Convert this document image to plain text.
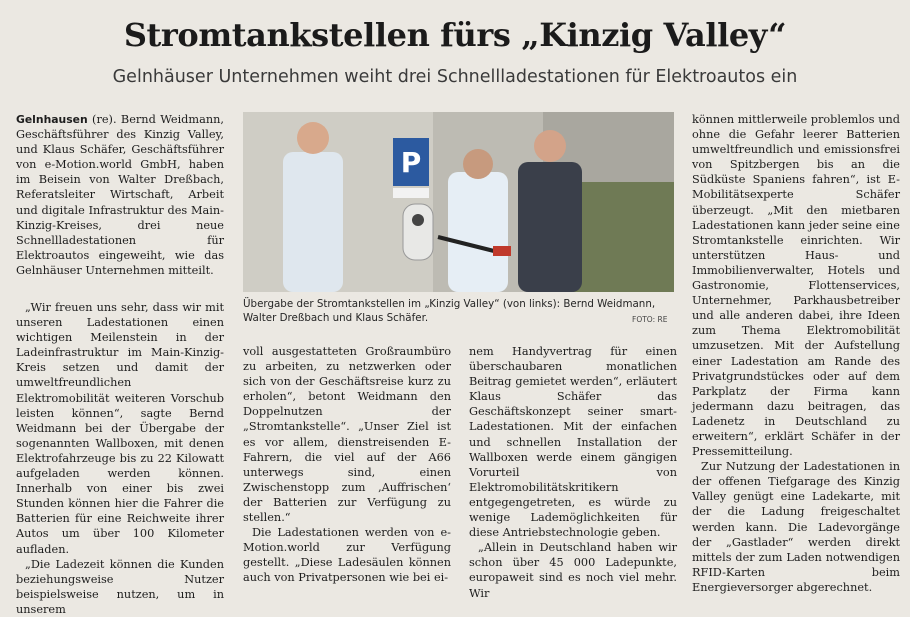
Stromtankstellen fürs „Kinzig Valley“
Gelnhäuser Unternehmen weiht drei Schnellladestationen für Elektroautos ein

Gelnhausen (re). Bernd Weidmann, Geschäftsführer des Kinzig Valley, und Klaus Schäfer, Geschäftsführer von e-Motion.world GmbH, haben im Beisein von Walter Dreßbach, Referatsleiter Wirtschaft, Arbeit und digitale Infrastruktur des Main-Kinzig-Kreises, drei neue Schnellladestationen für Elektroautos eingeweiht, wie das Gelnhäuser Unternehmen mitteilt.

„Wir freuen uns sehr, dass wir mit unseren Ladestationen einen wichtigen Meilenstein in der Ladeinfrastruktur im Main-Kinzig-Kreis setzen und damit der umweltfreundlichen Elektromobilität weiteren Vorschub leisten können“, sagte Bernd Weidmann bei der Übergabe der sogenannten Wallboxen, mit denen Elektrofahrzeuge bis zu 22 Kilowatt aufgeladen werden können. Innerhalb von einer bis zwei Stunden können hier die Fahrer die Batterien für eine Reichweite ihrer Autos um über 100 Kilometer aufladen.

„Die Ladezeit können die Kunden beziehungsweise Nutzer beispielsweise nutzen, um in unserem

P
Übergabe der Stromtankstellen im „Kinzig Valley“ (von links): Bernd Weidmann, Walter Dreßbach und Klaus Schäfer.	FOTO: RE

voll ausgestatteten Großraumbüro zu arbeiten, zu netzwerken oder sich von der Geschäftsreise kurz zu erholen“, betont Weidmann den Doppelnutzen der „Stromtankstelle“. „Unser Ziel ist es vor allem, dienstreisenden E-Fahrern, die viel auf der A66 unterwegs sind, einen Zwischenstopp zum ‚Auffrischen‘ der Batterien zur Verfügung zu stellen.“

Die Ladestationen werden von e-Motion.world zur Verfügung gestellt. „Diese Ladesäulen können auch von Privatpersonen wie bei ei-

nem Handyvertrag für einen überschaubaren monatlichen Beitrag gemietet werden“, erläutert Klaus Schäfer das Geschäftskonzept seiner smart-Ladestationen. Mit der einfachen und schnellen Installation der Wallboxen werde einem gängigen Vorurteil von Elektromobilitätskritikern entgegengetreten, es würde zu wenige Lademöglichkeiten für diese Antriebstechnologie geben.

„Allein in Deutschland haben wir schon über 45 000 Ladepunkte, europaweit sind es noch viel mehr. Wir

können mittlerweile problemlos und ohne die Gefahr leerer Batterien umweltfreundlich und emissionsfrei von Spitzbergen bis an die Südküste Spaniens fahren“, ist E-Mobilitätsexperte Schäfer überzeugt. „Mit den mietbaren Ladestationen kann jeder seine eine Stromtankstelle einrichten. Wir unterstützen Haus- und Immobilienverwalter, Hotels und Gastronomie, Flottenservices, Unternehmer, Parkhausbetreiber und alle anderen dabei, ihre Ideen zum Thema Elektromobilität umzusetzen. Mit der Aufstellung einer Ladestation am Rande des Privatgrundstückes oder auf dem Parkplatz der Firma kann jedermann dazu beitragen, das Ladenetz in Deutschland zu erweitern“, erklärt Schäfer in der Pressemitteilung.

Zur Nutzung der Ladestationen in der offenen Tiefgarage des Kinzig Valley genügt eine Ladekarte, mit der die Ladung freigeschaltet werden kann. Die Ladevorgänge der „Gastlader“ werden direkt mittels der zum Laden notwendigen RFID-Karten beim Energieversorger abgerechnet.
